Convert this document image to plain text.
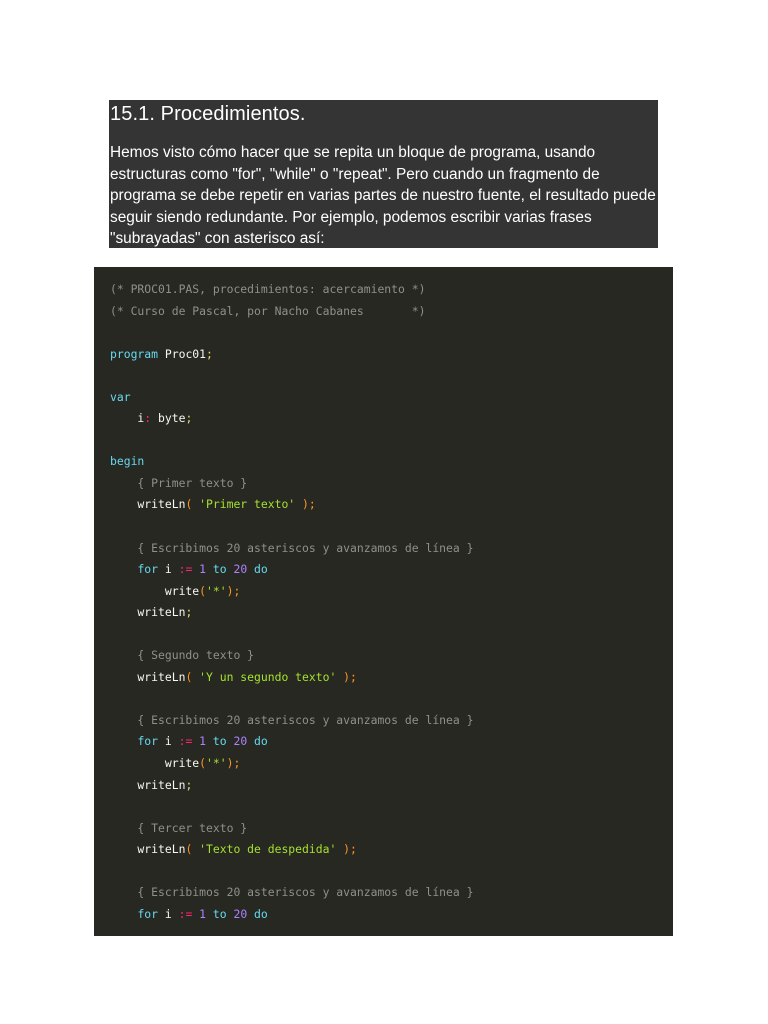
15.1. Procedimientos.

Hemos visto cómo hacer que se repita un bloque de programa, usando estructuras como "for", "while" o "repeat". Pero cuando un fragmento de programa se debe repetir en varias partes de nuestro fuente, el resultado puede seguir siendo redundante. Por ejemplo, podemos escribir varias frases "subrayadas" con asterisco así:

(* PROC01.PAS, procedimientos: acercamiento *)
(* Curso de Pascal, por Nacho Cabanes       *)

program Proc01;

var
i: byte;

begin
{ Primer texto }
writeLn( 'Primer texto' );

{ Escribimos 20 asteriscos y avanzamos de línea }
for i := 1 to 20 do
write('*');
writeLn;

{ Segundo texto }
writeLn( 'Y un segundo texto' );

{ Escribimos 20 asteriscos y avanzamos de línea }
for i := 1 to 20 do
write('*');
writeLn;

{ Tercer texto }
writeLn( 'Texto de despedida' );

{ Escribimos 20 asteriscos y avanzamos de línea }
for i := 1 to 20 do
